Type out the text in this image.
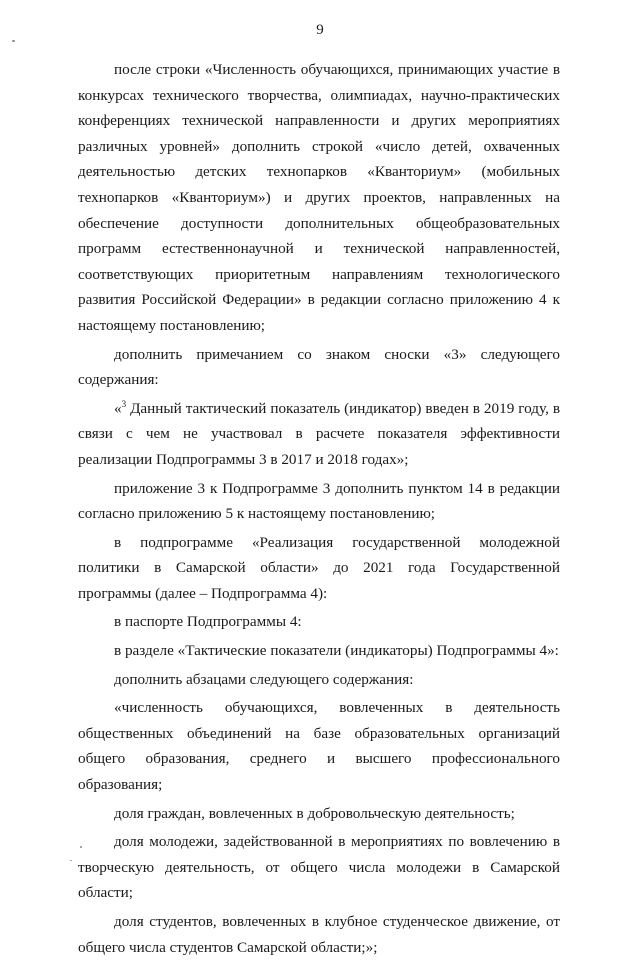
9

после строки «Численность обучающихся, принимающих участие в конкурсах технического творчества, олимпиадах, научно-практических конференциях технической направленности и других мероприятиях различных уровней» дополнить строкой «число детей, охваченных деятельностью детских технопарков «Кванториум» (мобильных технопарков «Кванториум») и других проектов, направленных на обеспечение доступности дополнительных общеобразовательных программ естественнонаучной и технической направленностей, соответствующих приоритетным направлениям технологического развития Российской Федерации» в редакции согласно приложению 4 к настоящему постановлению;

дополнить примечанием со знаком сноски «3» следующего содержания:

«$^3$ Данный тактический показатель (индикатор) введен в 2019 году, в связи с чем не участвовал в расчете показателя эффективности реализации Подпрограммы 3 в 2017 и 2018 годах»;

приложение 3 к Подпрограмме 3 дополнить пунктом 14 в редакции согласно приложению 5 к настоящему постановлению;

в подпрограмме «Реализация государственной молодежной политики в Самарской области» до 2021 года Государственной программы (далее – Подпрограмма 4):

в паспорте Подпрограммы 4:

в разделе «Тактические показатели (индикаторы) Подпрограммы 4»:

дополнить абзацами следующего содержания:

«численность обучающихся, вовлеченных в деятельность общественных объединений на базе образовательных организаций общего образования, среднего и высшего профессионального образования;

доля граждан, вовлеченных в добровольческую деятельность;

доля молодежи, задействованной в мероприятиях по вовлечению в творческую деятельность, от общего числа молодежи в Самарской области;

доля студентов, вовлеченных в клубное студенческое движение, от общего числа студентов Самарской области;»;
